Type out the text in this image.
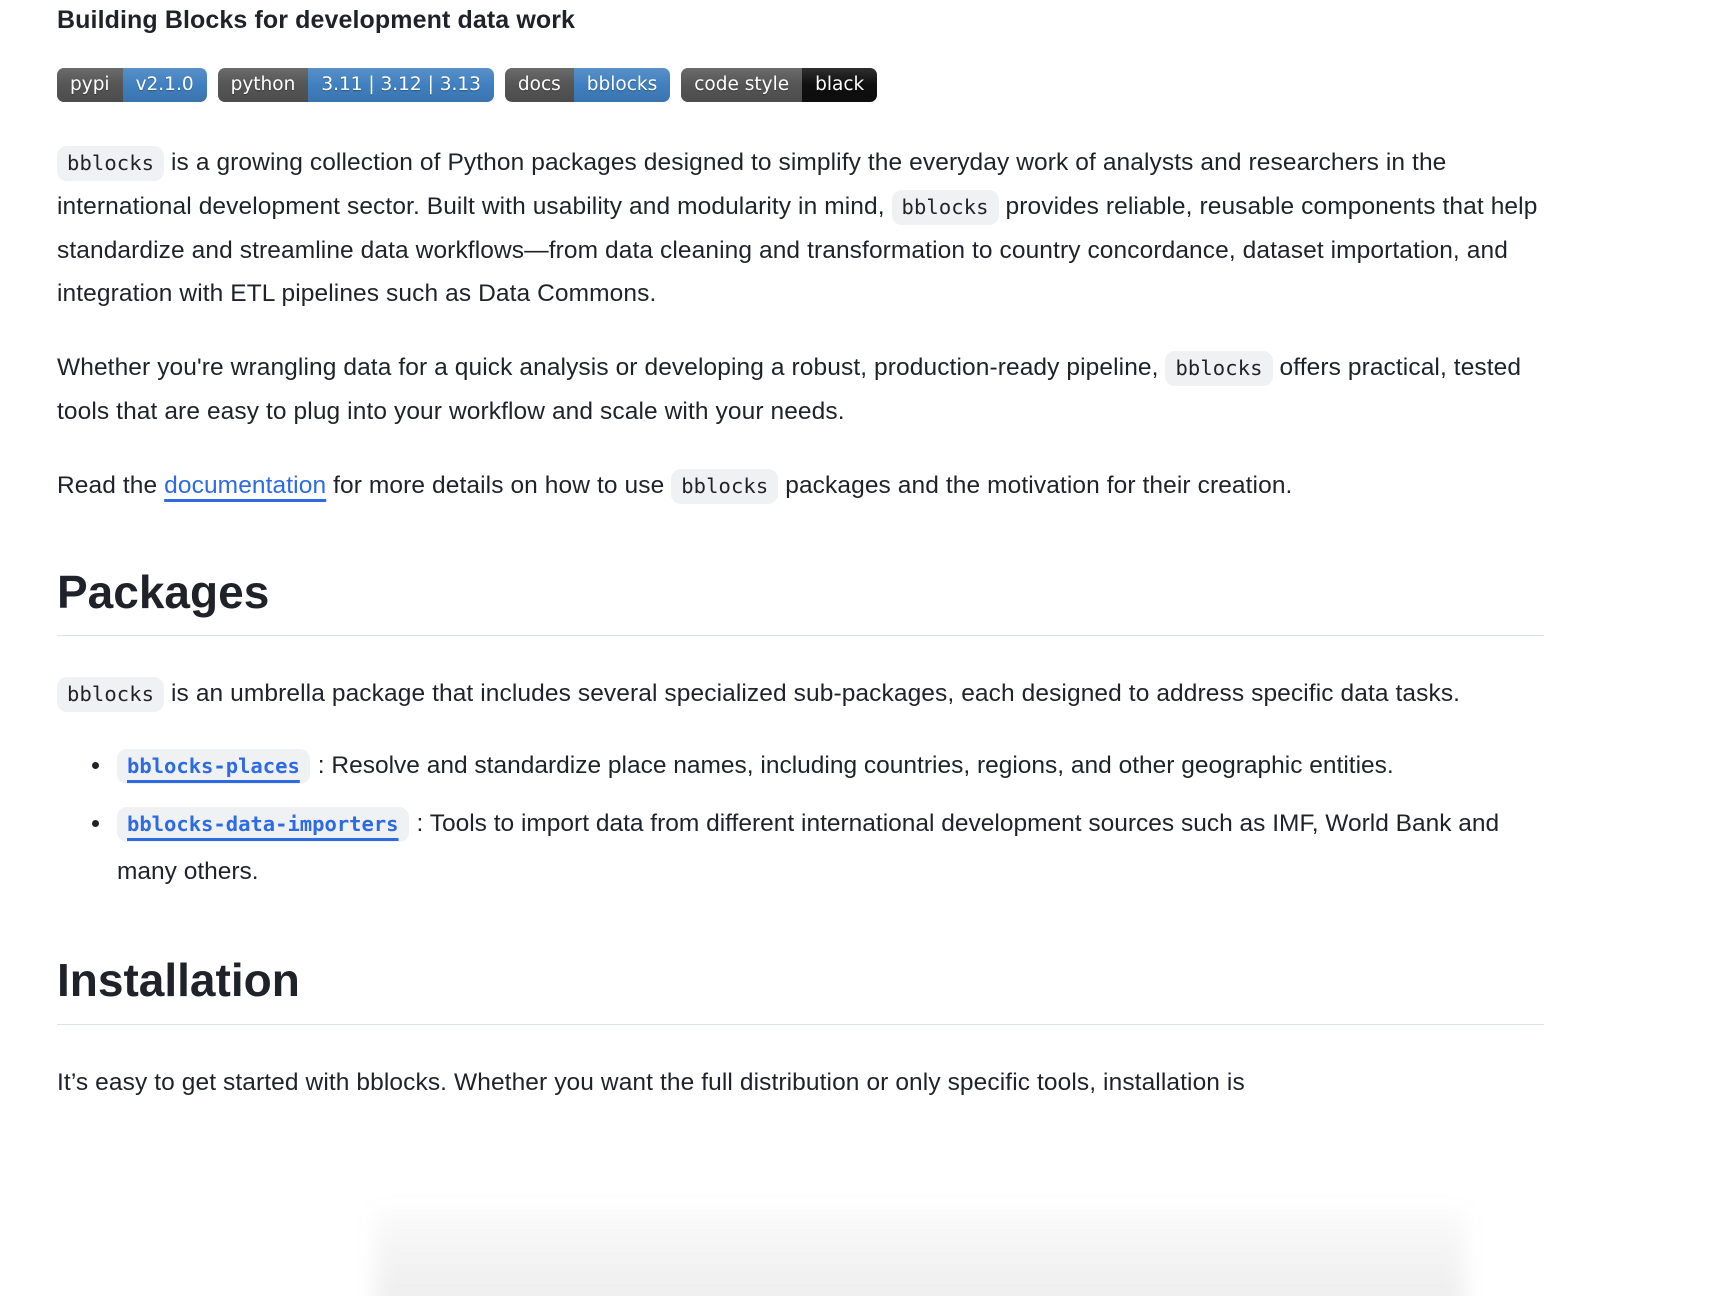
Building Blocks for development data work
pypi	v2.1.0	python	3.11 | 3.12 | 3.13	docs	bblocks	code style	black

bblocks is a growing collection of Python packages designed to simplify the everyday work of analysts and researchers in the international development sector. Built with usability and modularity in mind, bblocks provides reliable, reusable components that help standardize and streamline data workflows—from data cleaning and transformation to country concordance, dataset importation, and integration with ETL pipelines such as Data Commons.

Whether you're wrangling data for a quick analysis or developing a robust, production-ready pipeline, bblocks offers practical, tested tools that are easy to plug into your workflow and scale with your needs.

Read the documentation for more details on how to use bblocks packages and the motivation for their creation.

Packages

bblocks is an umbrella package that includes several specialized sub-packages, each designed to address specific data tasks.

• bblocks-places : Resolve and standardize place names, including countries, regions, and other geographic entities.
• bblocks-data-importers : Tools to import data from different international development sources such as IMF, World Bank and many others.
Installation

It’s easy to get started with bblocks. Whether you want the full distribution or only specific tools, installation is
